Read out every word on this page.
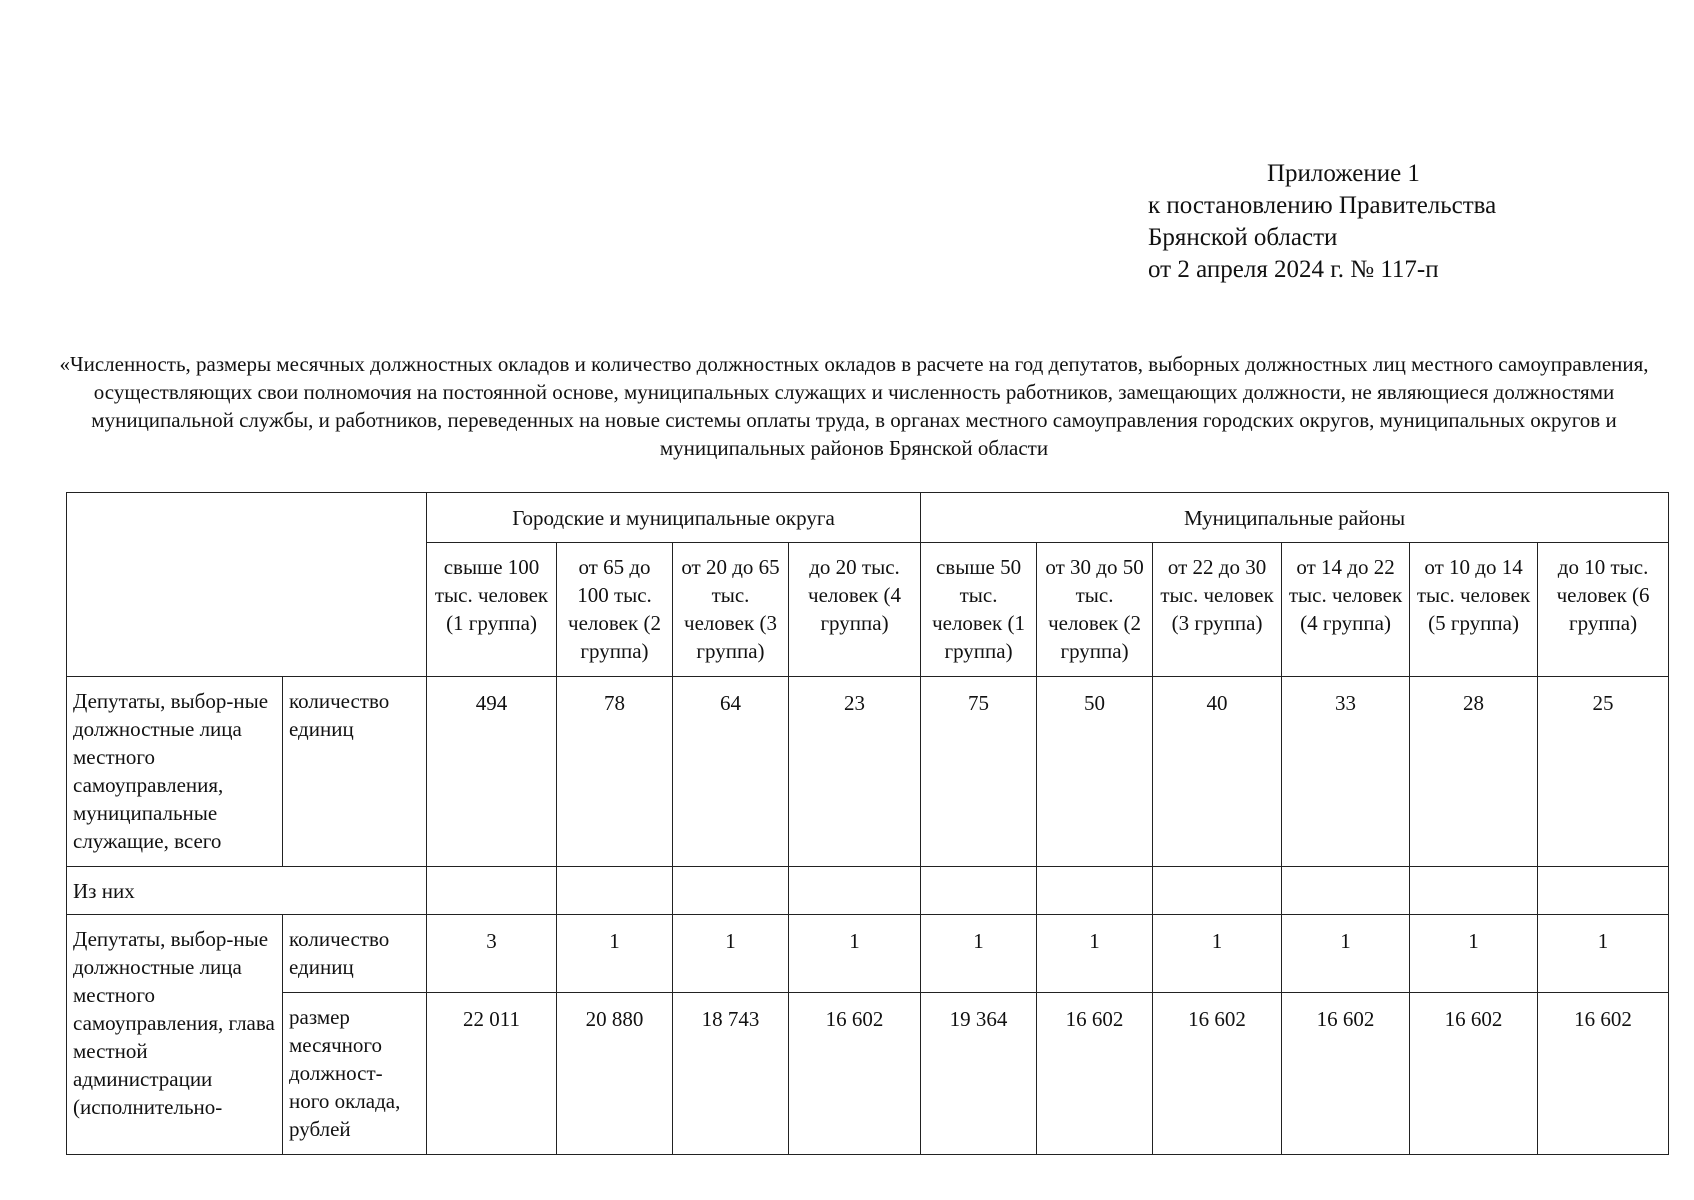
Приложение 1
к постановлению Правительства
Брянской области
от 2 апреля 2024 г. № 117-п
«Численность, размеры месячных должностных окладов и количество должностных окладов в расчете на год депутатов, выборных должностных лиц местного самоуправления, осуществляющих свои полномочия на постоянной основе, муниципальных служащих и численность работников, замещающих должности, не являющиеся должностями муниципальной службы, и работников, переведенных на новые системы оплаты труда, в органах местного самоуправления городских округов, муниципальных округов и муниципальных районов Брянской области
		Городские и муниципальные округа				Муниципальные районы					
		свыше 100 тыс. человек (1 группа)	от 65 до 100 тыс. человек (2 группа)	от 20 до 65 тыс. человек (3 группа)	до 20 тыс. человек (4 группа)	свыше 50 тыс. человек (1 группа)	от 30 до 50 тыс. человек (2 группа)	от 22 до 30 тыс. человек (3 группа)	от 14 до 22 тыс. человек (4 группа)	от 10 до 14 тыс. человек (5 группа)	до 10 тыс. человек (6 группа)
Депутаты, выбор-ные должностные лица местного самоуправления, муниципальные служащие, всего	количество единиц	494	78	64	23	75	50	40	33	28	25
Из них											
Депутаты, выбор-ные должностные лица местного самоуправления, глава местной администрации (исполнительно-	количество единиц	3	1	1	1	1	1	1	1	1	1
	размер месячного должност-ного оклада, рублей	22 011	20 880	18 743	16 602	19 364	16 602	16 602	16 602	16 602	16 602
